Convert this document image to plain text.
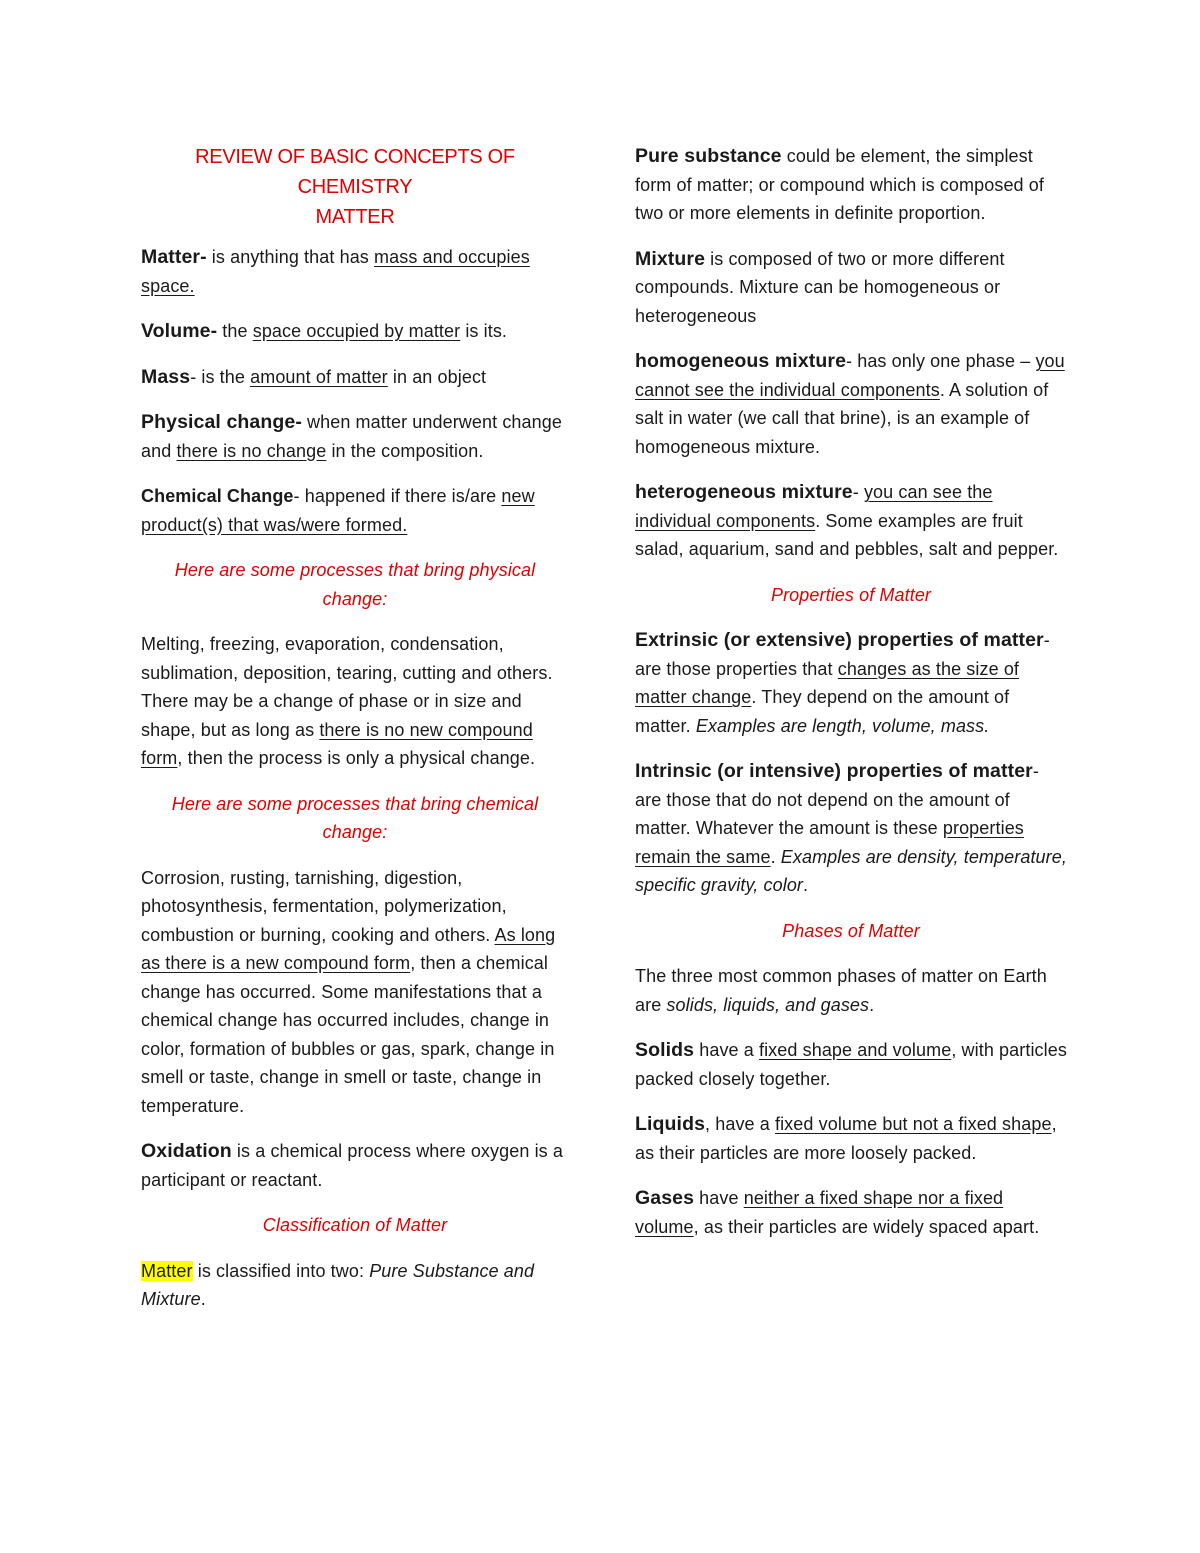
REVIEW OF BASIC CONCEPTS OF CHEMISTRY
MATTER

Matter- is anything that has mass and occupies space.

Volume- the space occupied by matter is its.

Mass- is the amount of matter in an object

Physical change- when matter underwent change and there is no change in the composition.

Chemical Change- happened if there is/are new product(s) that was/were formed.

Here are some processes that bring physical change:

Melting, freezing, evaporation, condensation, sublimation, deposition, tearing, cutting and others. There may be a change of phase or in size and shape, but as long as there is no new compound form, then the process is only a physical change.

Here are some processes that bring chemical change:

Corrosion, rusting, tarnishing, digestion, photosynthesis, fermentation, polymerization, combustion or burning, cooking and others. As long as there is a new compound form, then a chemical change has occurred. Some manifestations that a chemical change has occurred includes, change in color, formation of bubbles or gas, spark, change in smell or taste, change in smell or taste, change in temperature.

Oxidation is a chemical process where oxygen is a participant or reactant.

Classification of Matter

Matter is classified into two: Pure Substance and Mixture.

Pure substance could be element, the simplest form of matter; or compound which is composed of two or more elements in definite proportion.

Mixture is composed of two or more different compounds. Mixture can be homogeneous or heterogeneous

homogeneous mixture- has only one phase – you cannot see the individual components. A solution of salt in water (we call that brine), is an example of homogeneous mixture.

heterogeneous mixture- you can see the individual components. Some examples are fruit salad, aquarium, sand and pebbles, salt and pepper.

Properties of Matter

Extrinsic (or extensive) properties of matter- are those properties that changes as the size of matter change. They depend on the amount of matter. Examples are length, volume, mass.

Intrinsic (or intensive) properties of matter- are those that do not depend on the amount of matter. Whatever the amount is these properties remain the same. Examples are density, temperature, specific gravity, color.

Phases of Matter

The three most common phases of matter on Earth are solids, liquids, and gases.

Solids have a fixed shape and volume, with particles packed closely together.

Liquids, have a fixed volume but not a fixed shape, as their particles are more loosely packed.

Gases have neither a fixed shape nor a fixed volume, as their particles are widely spaced apart.
